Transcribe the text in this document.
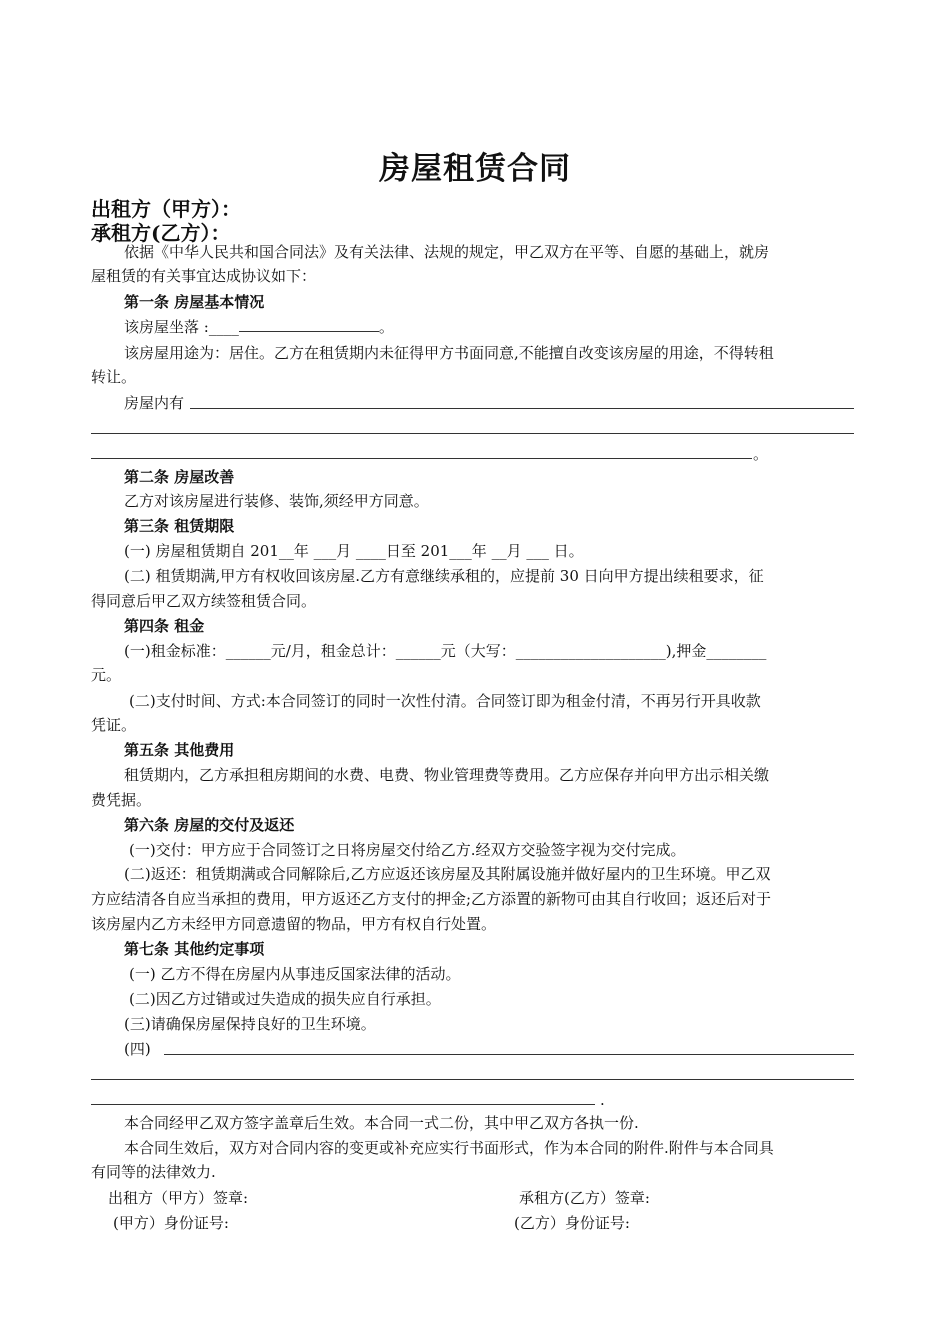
房屋租赁合同
出租方（甲方）：
承租方(乙方）：
依据《中华人民共和国合同法》及有关法律、法规的规定，甲乙双方在平等、自愿的基础上，就房
屋租赁的有关事宜达成协议如下：
第一条 房屋基本情况
该房屋坐落 :____	。
该房屋用途为：居住。乙方在租赁期内未征得甲方书面同意,不能擅自改变该房屋的用途，不得转租
转让。
房屋内有
。
第二条 房屋改善
乙方对该房屋进行装修、装饰,须经甲方同意。
第三条 租赁期限
(一) 房屋租赁期自 201__年 ___月 ____日至 201___年 __月 ___ 日。
(二) 租赁期满,甲方有权收回该房屋.乙方有意继续承租的，应提前 30 日向甲方提出续租要求，征
得同意后甲乙双方续签租赁合同。
第四条 租金
(一)租金标准：______元/月，租金总计：______元（大写：____________________),押金________
元。
(二)支付时间、方式:本合同签订的同时一次性付清。合同签订即为租金付清，不再另行开具收款
凭证。
第五条 其他费用
租赁期内，乙方承担租房期间的水费、电费、物业管理费等费用。乙方应保存并向甲方出示相关缴
费凭据。
第六条 房屋的交付及返还
(一)交付：甲方应于合同签订之日将房屋交付给乙方.经双方交验签字视为交付完成。
(二)返还：租赁期满或合同解除后,乙方应返还该房屋及其附属设施并做好屋内的卫生环境。甲乙双
方应结清各自应当承担的费用，甲方返还乙方支付的押金;乙方添置的新物可由其自行收回；返还后对于
该房屋内乙方未经甲方同意遗留的物品，甲方有权自行处置。
第七条 其他约定事项
(一) 乙方不得在房屋内从事违反国家法律的活动。
(二)因乙方过错或过失造成的损失应自行承担。
(三)请确保房屋保持良好的卫生环境。
(四)
.
本合同经甲乙双方签字盖章后生效。本合同一式二份，其中甲乙双方各执一份.
本合同生效后，双方对合同内容的变更或补充应实行书面形式，作为本合同的附件.附件与本合同具
有同等的法律效力.
出租方（甲方）签章:	承租方(乙方）签章:
(甲方）身份证号:	(乙方）身份证号:
